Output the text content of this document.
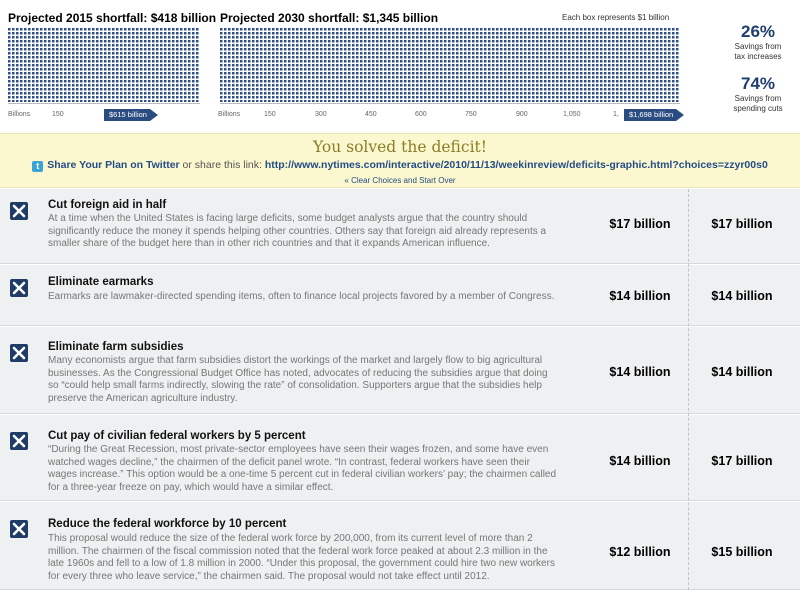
Projected 2015 shortfall: $418 billion
Billions	150	$615 billion
Projected 2030 shortfall: $1,345 billion	Each box represents $1 billion
Billions	150	300	450	600	750	900	1,050	1,	$1,698 billion
26%
Savings from
tax increases
74%
Savings from
spending cuts
You solved the deficit!
t Share Your Plan on Twitter or share this link: http://www.nytimes.com/interactive/2010/11/13/weekinreview/deficits-graphic.html?choices=zzyr00s0
« Clear Choices and Start Over
Cut foreign aid in half
At a time when the United States is facing large deficits, some budget analysts argue that the country should significantly reduce the money it spends helping other countries. Others say that foreign aid already represents a smaller share of the budget here than in other rich countries and that it expands American influence.
$17 billion	$17 billion
Eliminate earmarks
Earmarks are lawmaker-directed spending items, often to finance local projects favored by a member of Congress.	$14 billion	$14 billion
Eliminate farm subsidies
Many economists argue that farm subsidies distort the workings of the market and largely flow to big agricultural businesses. As the Congressional Budget Office has noted, advocates of reducing the subsidies argue that doing so “could help small farms indirectly, slowing the rate” of consolidation. Supporters argue that the subsidies help preserve the American agriculture industry.
$14 billion	$14 billion
Cut pay of civilian federal workers by 5 percent
“During the Great Recession, most private-sector employees have seen their wages frozen, and some have even watched wages decline,” the chairmen of the deficit panel wrote. “In contrast, federal workers have seen their wages increase.” This option would be a one-time 5 percent cut in federal civilian workers’ pay; the chairmen called for a three-year freeze on pay, which would have a similar effect.
$14 billion	$17 billion
Reduce the federal workforce by 10 percent
This proposal would reduce the size of the federal work force by 200,000, from its current level of more than 2 million. The chairmen of the fiscal commission noted that the federal work force peaked at about 2.3 million in the late 1960s and fell to a low of 1.8 million in 2000. “Under this proposal, the government could hire two new workers for every three who leave service,” the chairmen said. The proposal would not take effect until 2012.
$12 billion	$15 billion
